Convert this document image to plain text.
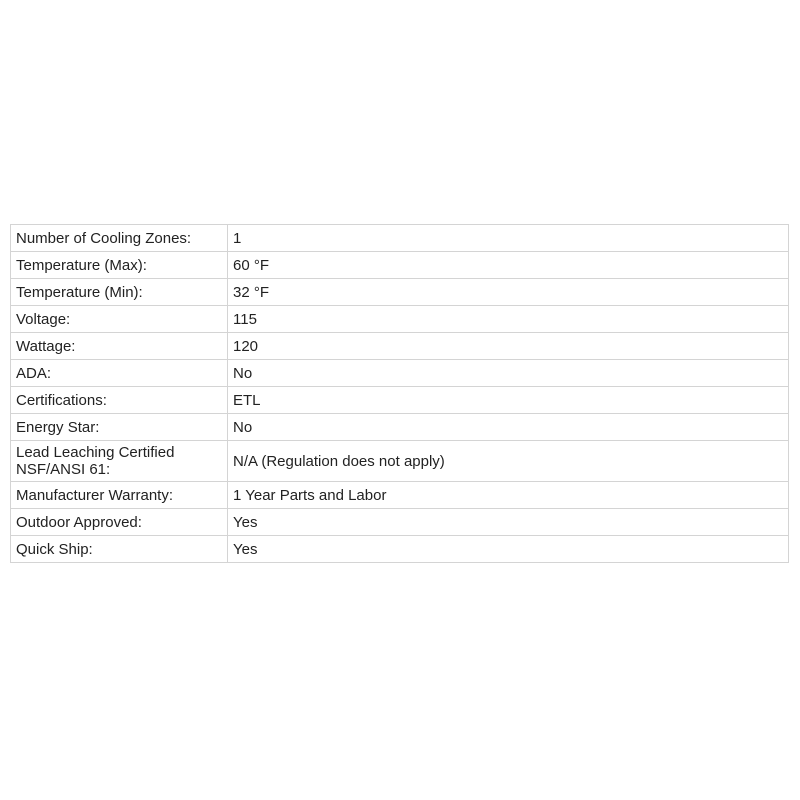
Number of Cooling Zones:	1
Temperature (Max):	60 °F
Temperature (Min):	32 °F
Voltage:	115
Wattage:	120
ADA:	No
Certifications:	ETL
Energy Star:	No
Lead Leaching Certified NSF/ANSI 61:	N/A (Regulation does not apply)
Manufacturer Warranty:	1 Year Parts and Labor
Outdoor Approved:	Yes
Quick Ship:	Yes
